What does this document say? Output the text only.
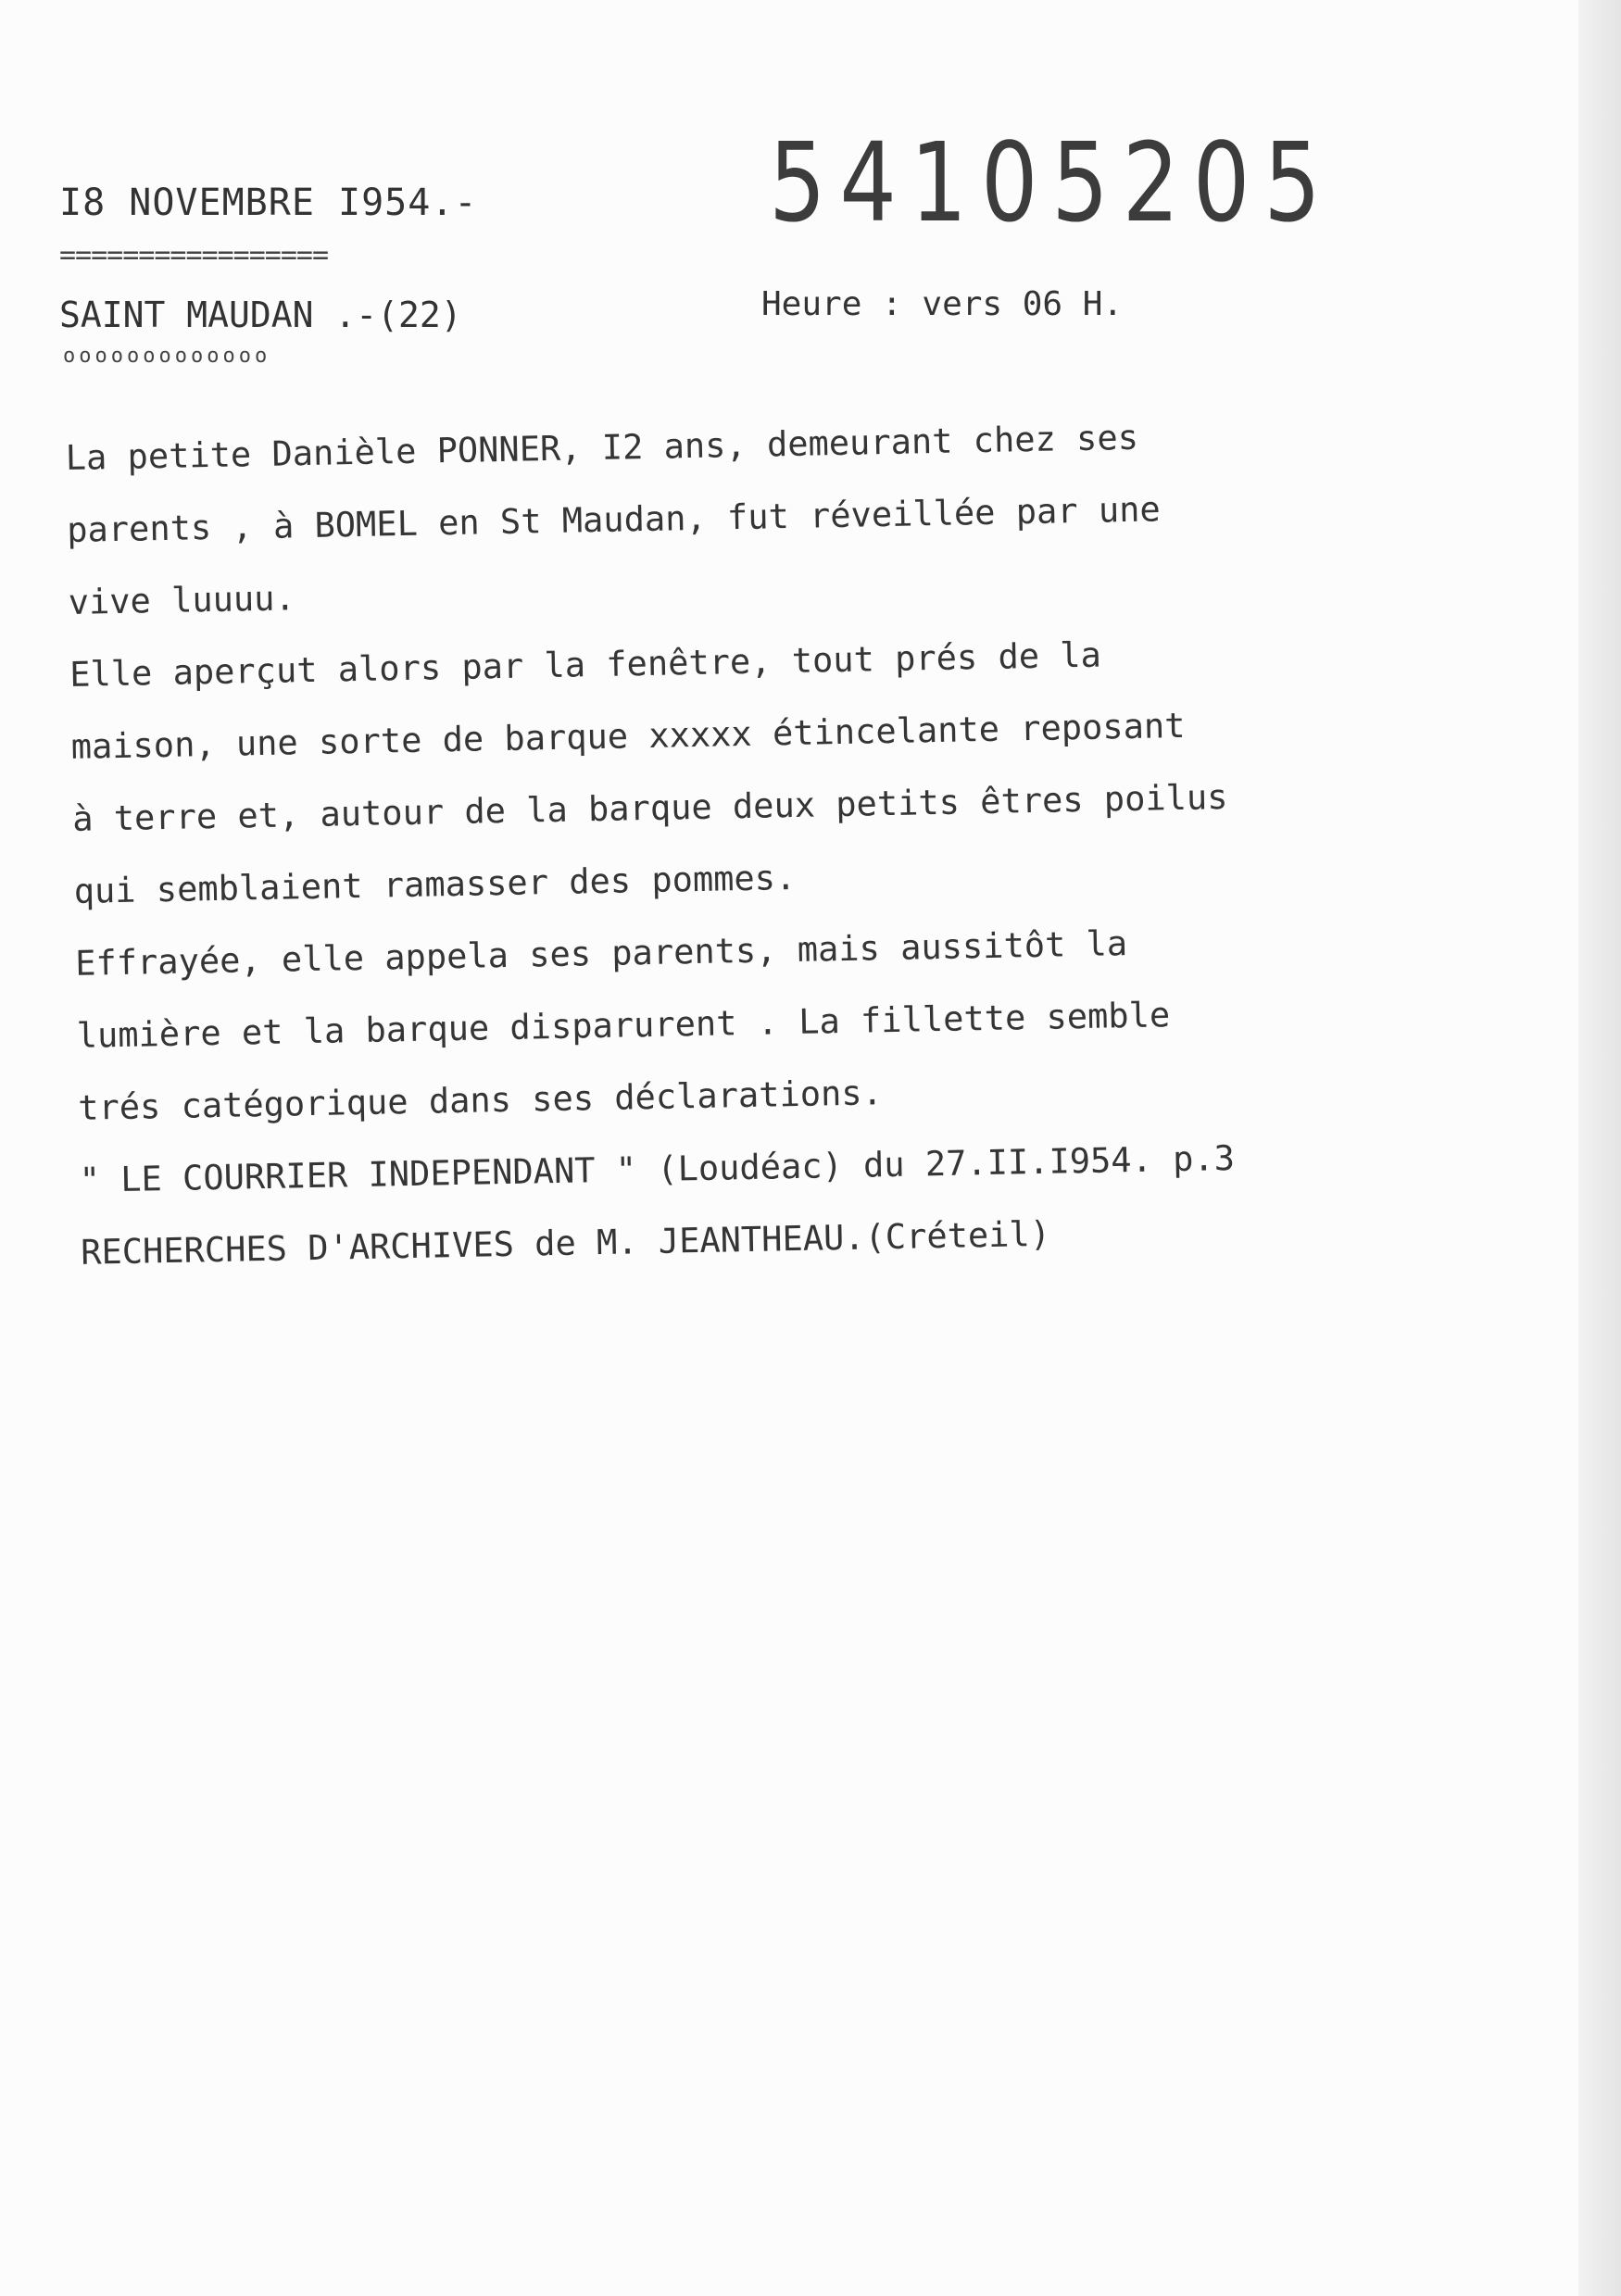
I8 NOVEMBRE I954.-
=================
SAINT MAUDAN .-(22)
ooooooooooooo
54105205
Heure : vers 06 H.
La petite Danièle PONNER, I2 ans, demeurant chez ses
parents , à BOMEL en St Maudan, fut réveillée par une
vive luuuu.
Elle aperçut alors par la fenêtre, tout prés de la
maison, une sorte de barque xxxxx étincelante reposant
à terre et, autour de la barque deux petits êtres poilus
qui semblaient ramasser des pommes.
Effrayée, elle appela ses parents, mais aussitôt la
lumière et la barque disparurent . La fillette semble
trés catégorique dans ses déclarations.
" LE COURRIER INDEPENDANT " (Loudéac) du 27.II.I954. p.3
RECHERCHES D'ARCHIVES de M. JEANTHEAU.(Créteil)
